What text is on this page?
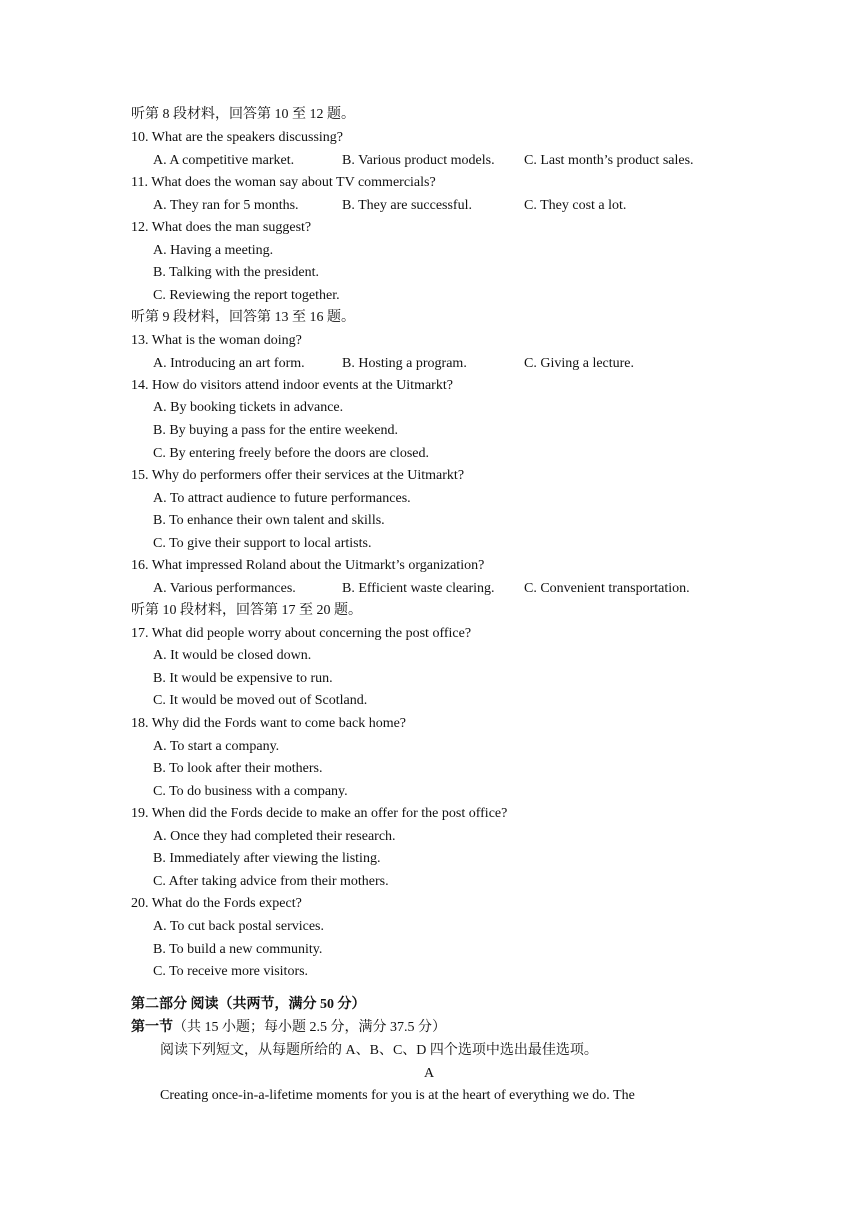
听第 8 段材料，回答第 10 至 12 题。
10. What are the speakers discussing?
A. A competitive market.	B. Various product models. C. Last month’s product sales.
11. What does the woman say about TV commercials?
A. They ran for 5 months.	B. They are successful.	C. They cost a lot.
12. What does the man suggest?
A. Having a meeting.
B. Talking with the president.
C. Reviewing the report together.
听第 9 段材料，回答第 13 至 16 题。
13. What is the woman doing?
A. Introducing an art form.	B. Hosting a program.	C. Giving a lecture.
14. How do visitors attend indoor events at the Uitmarkt?
A. By booking tickets in advance.
B. By buying a pass for the entire weekend.
C. By entering freely before the doors are closed.
15. Why do performers offer their services at the Uitmarkt?
A. To attract audience to future performances.
B. To enhance their own talent and skills.
C. To give their support to local artists.
16. What impressed Roland about the Uitmarkt’s organization?
A. Various performances.	B. Efficient waste clearing. C. Convenient transportation.
听第 10 段材料，回答第 17 至 20 题。
17. What did people worry about concerning the post office?
A. It would be closed down.
B. It would be expensive to run.
C. It would be moved out of Scotland.
18. Why did the Fords want to come back home?
A. To start a company.
B. To look after their mothers.
C. To do business with a company.
19. When did the Fords decide to make an offer for the post office?
A. Once they had completed their research.
B. Immediately after viewing the listing.
C. After taking advice from their mothers.
20. What do the Fords expect?
A. To cut back postal services.
B. To build a new community.
C. To receive more visitors.
第二部分 阅读（共两节，满分 50 分）
第一节（共 15 小题；每小题 2.5 分，满分 37.5 分）
阅读下列短文，从每题所给的 A、B、C、D 四个选项中选出最佳选项。
A
Creating once-in-a-lifetime moments for you is at the heart of everything we do. The
